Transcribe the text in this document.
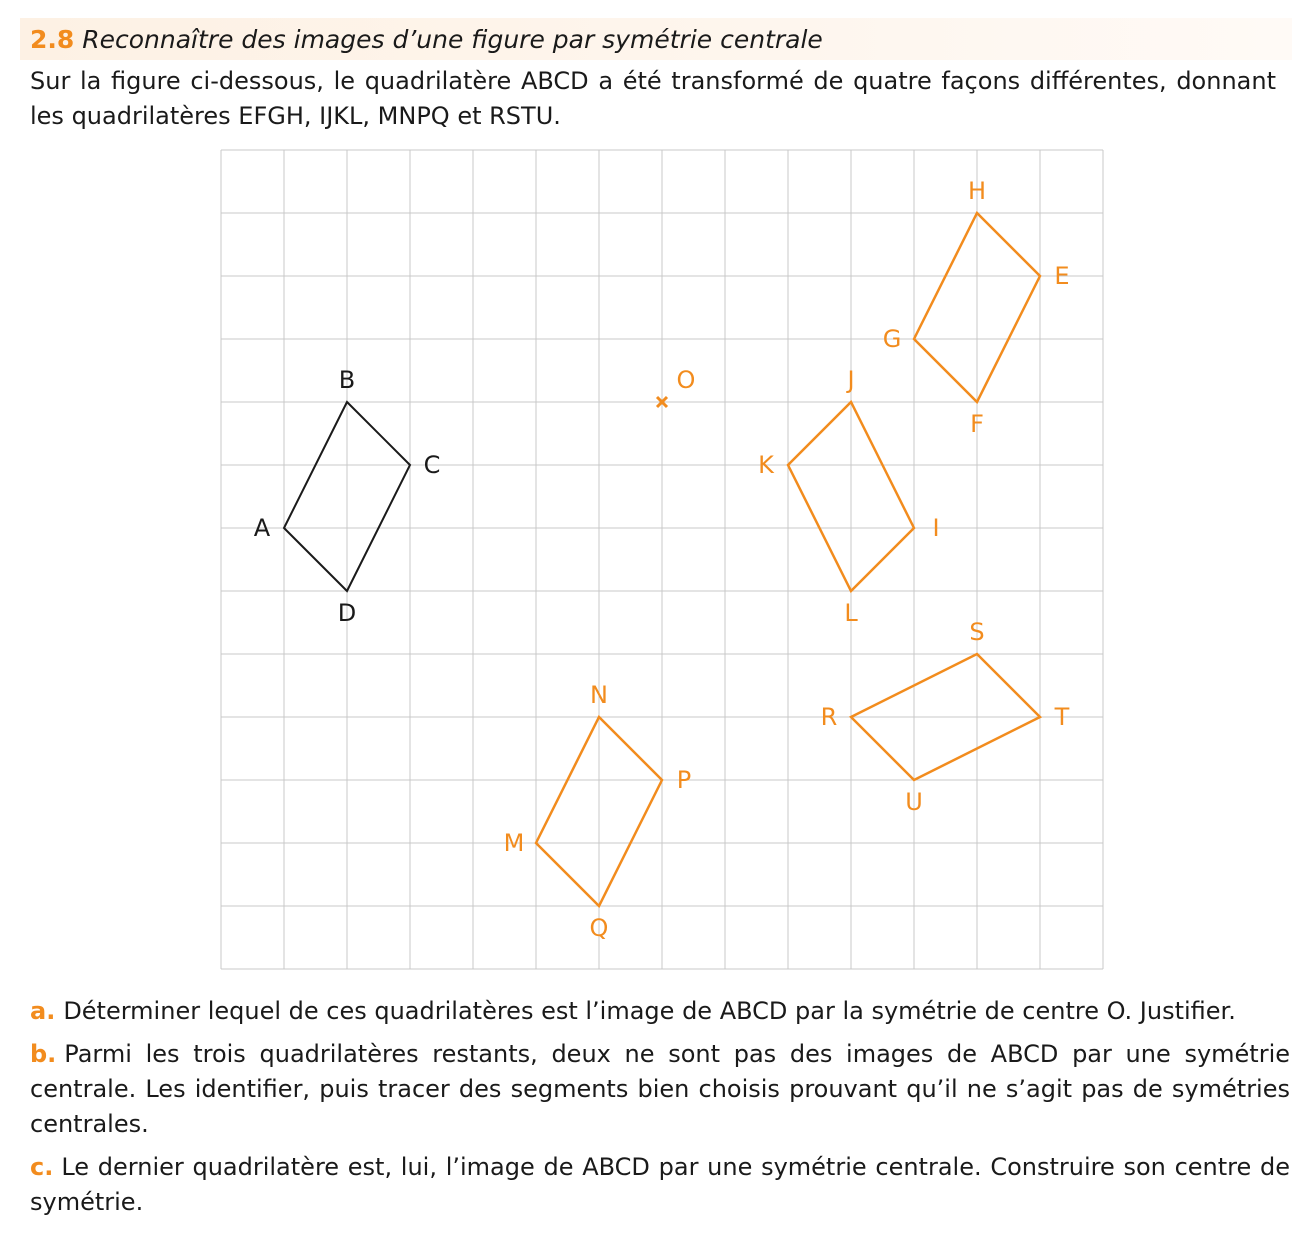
2.8 Reconnaître des images d’une figure par symétrie centrale

Sur la figure ci-dessous, le quadrilatère ABCD a été transformé de quatre façons différentes, donnant les quadrilatères EFGH, IJKL, MNPQ et RSTU.

O
A
B
C
D
E
F
G
H
I
J
K
L
M
N
P
Q
R
S
T
U

a. Déterminer lequel de ces quadrilatères est l’image de ABCD par la symétrie de centre O. Justifier.

b. Parmi les trois quadrilatères restants, deux ne sont pas des images de ABCD par une symétrie centrale. Les identifier, puis tracer des segments bien choisis prouvant qu’il ne s’agit pas de symétries centrales.

c. Le dernier quadrilatère est, lui, l’image de ABCD par une symétrie centrale. Construire son centre de symétrie.
